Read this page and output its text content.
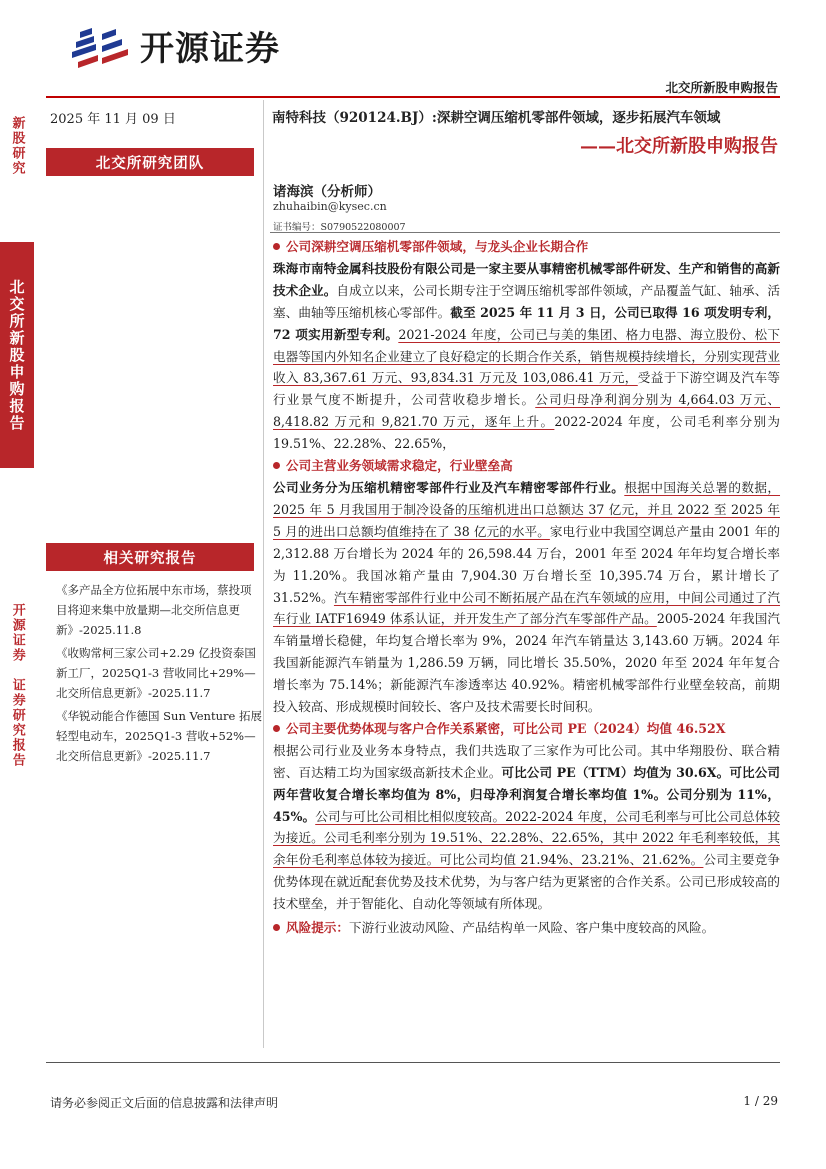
开源证券
北交所新股申购报告
新股研究
北交所新股申购报告
开源证券　证券研究报告
2025 年 11 月 09 日
北交所研究团队
相关研究报告
《多产品全方位拓展中东市场，蔡投项目将迎来集中放量期—北交所信息更新》-2025.11.8
《收购常柯三家公司+2.29 亿投资泰国新工厂，2025Q1-3 营收同比+29%—北交所信息更新》-2025.11.7
《华锐动能合作德国 Sun Venture 拓展轻型电动车，2025Q1-3 营收+52%—北交所信息更新》-2025.11.7
南特科技（920124.BJ）:深耕空调压缩机零部件领域，逐步拓展汽车领域
——北交所新股申购报告
诸海滨（分析师）
zhuhaibin@kysec.cn
证书编号：S0790522080007

公司深耕空调压缩机零部件领域，与龙头企业长期合作

珠海市南特金属科技股份有限公司是一家主要从事精密机械零部件研发、生产和销售的高新技术企业。自成立以来，公司长期专注于空调压缩机零部件领域，产品覆盖气缸、轴承、活塞、曲轴等压缩机核心零部件。截至 2025 年 11 月 3 日，公司已取得 16 项发明专利，72 项实用新型专利。2021-2024 年度，公司已与美的集团、格力电器、海立股份、松下电器等国内外知名企业建立了良好稳定的长期合作关系，销售规模持续增长，分别实现营业收入 83,367.61 万元、93,834.31 万元及 103,086.41 万元，受益于下游空调及汽车等行业景气度不断提升，公司营收稳步增长。公司归母净利润分别为 4,664.03 万元、8,418.82 万元和 9,821.70 万元，逐年上升。2022-2024 年度，公司毛利率分别为 19.51%、22.28%、22.65%，

公司主营业务领域需求稳定，行业壁垒高

公司业务分为压缩机精密零部件行业及汽车精密零部件行业。根据中国海关总署的数据，2025 年 5 月我国用于制冷设备的压缩机进出口总额达 37 亿元，并且 2022 至 2025 年 5 月的进出口总额均值维持在了 38 亿元的水平。家电行业中我国空调总产量由 2001 年的 2,312.88 万台增长为 2024 年的 26,598.44 万台，2001 年至 2024 年年均复合增长率为 11.20%。我国冰箱产量由 7,904.30 万台增长至 10,395.74 万台，累计增长了 31.52%。汽车精密零部件行业中公司不断拓展产品在汽车领域的应用，中间公司通过了汽车行业 IATF16949 体系认证，并开发生产了部分汽车零部件产品。2005-2024 年我国汽车销量增长稳健，年均复合增长率为 9%，2024 年汽车销量达 3,143.60 万辆。2024 年我国新能源汽车销量为 1,286.59 万辆，同比增长 35.50%，2020 年至 2024 年年复合增长率为 75.14%；新能源汽车渗透率达 40.92%。精密机械零部件行业壁垒较高，前期投入较高、形成规模时间较长、客户及技术需要长时间积。

公司主要优势体现与客户合作关系紧密，可比公司 PE（2024）均值 46.52X

根据公司行业及业务本身特点，我们共选取了三家作为可比公司。其中华翔股份、联合精密、百达精工均为国家级高新技术企业。可比公司 PE（TTM）均值为 30.6X。可比公司两年营收复合增长率均值为 8%，归母净利润复合增长率均值 1%。公司分别为 11%，45%。公司与可比公司相比相似度较高。2022-2024 年度，公司毛利率与可比公司总体较为接近。公司毛利率分别为 19.51%、22.28%、22.65%，其中 2022 年毛利率较低，其余年份毛利率总体较为接近。可比公司均值 21.94%、23.21%、21.62%。公司主要竞争优势体现在就近配套优势及技术优势，为与客户结为更紧密的合作关系。公司已形成较高的技术壁垒，并于智能化、自动化等领域有所体现。

风险提示：下游行业波动风险、产品结构单一风险、客户集中度较高的风险。

请务必参阅正文后面的信息披露和法律声明	1 / 29
